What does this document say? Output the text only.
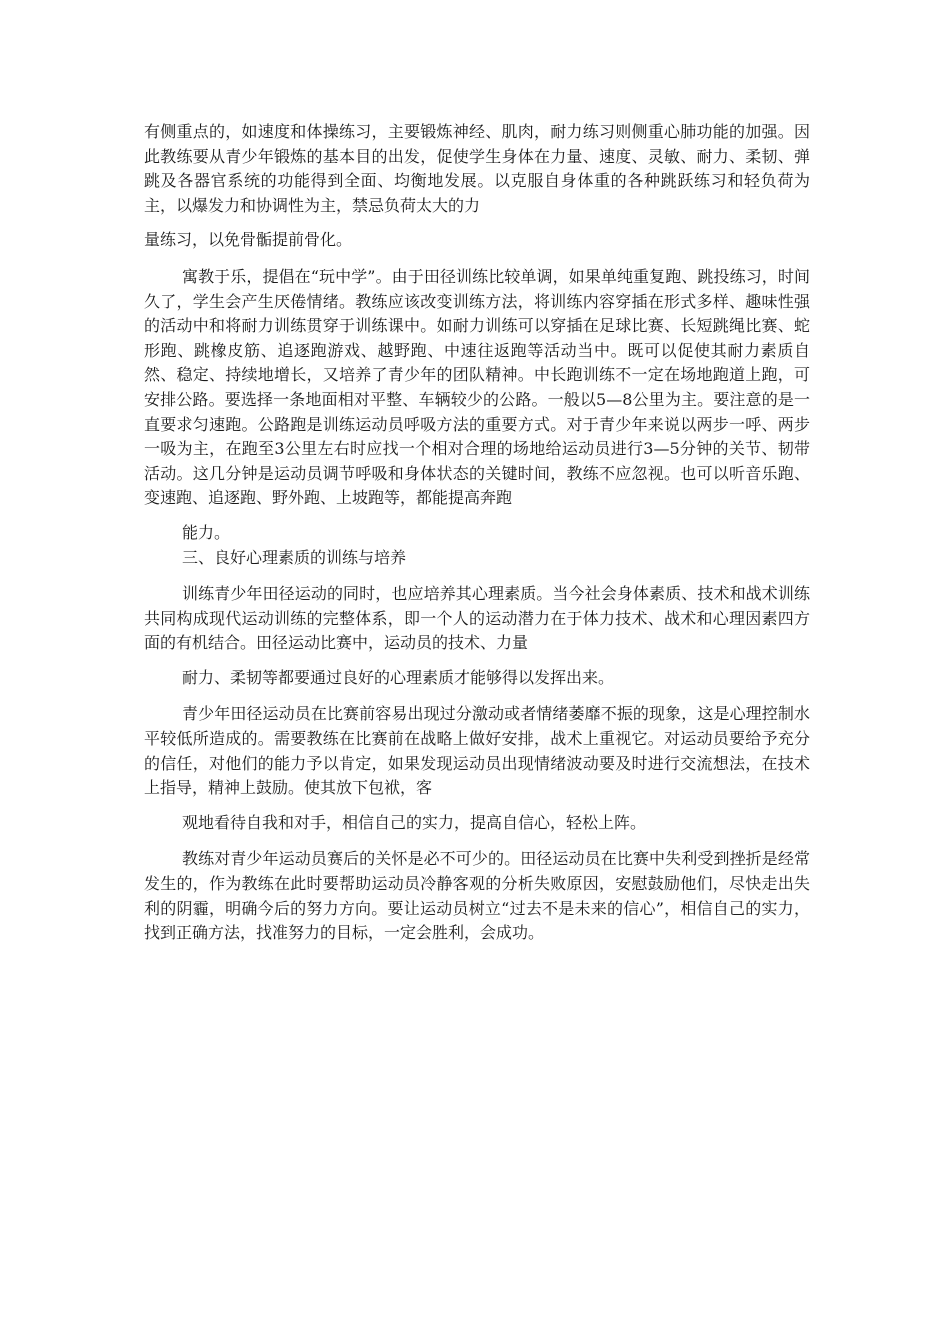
有侧重点的，如速度和体操练习，主要锻炼神经、肌肉，耐力练习则侧重心肺功能的加强。因此教练要从青少年锻炼的基本目的出发，促使学生身体在力量、速度、灵敏、耐力、柔韧、弹跳及各器官系统的功能得到全面、均衡地发展。以克服自身体重的各种跳跃练习和轻负荷为主，以爆发力和协调性为主，禁忌负荷太大的力
量练习，以免骨骺提前骨化。

寓教于乐，提倡在“玩中学”。由于田径训练比较单调，如果单纯重复跑、跳投练习，时间久了，学生会产生厌倦情绪。教练应该改变训练方法，将训练内容穿插在形式多样、趣味性强的活动中和将耐力训练贯穿于训练课中。如耐力训练可以穿插在足球比赛、长短跳绳比赛、蛇形跑、跳橡皮筋、追逐跑游戏、越野跑、中速往返跑等活动当中。既可以促使其耐力素质自然、稳定、持续地增长，又培养了青少年的团队精神。中长跑训练不一定在场地跑道上跑，可安排公路。要选择一条地面相对平整、车辆较少的公路。一般以5—8公里为主。要注意的是一直要求匀速跑。公路跑是训练运动员呼吸方法的重要方式。对于青少年来说以两步一呼、两步一吸为主，在跑至3公里左右时应找一个相对合理的场地给运动员进行3—5分钟的关节、韧带活动。这几分钟是运动员调节呼吸和身体状态的关键时间，教练不应忽视。也可以听音乐跑、变速跑、追逐跑、野外跑、上坡跑等，都能提高奔跑
能力。

三、良好心理素质的训练与培养

训练青少年田径运动的同时，也应培养其心理素质。当今社会身体素质、技术和战术训练共同构成现代运动训练的完整体系，即一个人的运动潜力在于体力技术、战术和心理因素四方面的有机结合。田径运动比赛中，运动员的技术、力量
耐力、柔韧等都要通过良好的心理素质才能够得以发挥出来。

青少年田径运动员在比赛前容易出现过分激动或者情绪萎靡不振的现象，这是心理控制水平较低所造成的。需要教练在比赛前在战略上做好安排，战术上重视它。对运动员要给予充分的信任，对他们的能力予以肯定，如果发现运动员出现情绪波动要及时进行交流想法，在技术上指导，精神上鼓励。使其放下包袱，客
观地看待自我和对手，相信自己的实力，提高自信心，轻松上阵。

教练对青少年运动员赛后的关怀是必不可少的。田径运动员在比赛中失利受到挫折是经常发生的，作为教练在此时要帮助运动员冷静客观的分析失败原因，安慰鼓励他们，尽快走出失利的阴霾，明确今后的努力方向。要让运动员树立“过去不是未来的信心”，相信自己的实力，找到正确方法，找准努力的目标，一定会胜利，会成功。
